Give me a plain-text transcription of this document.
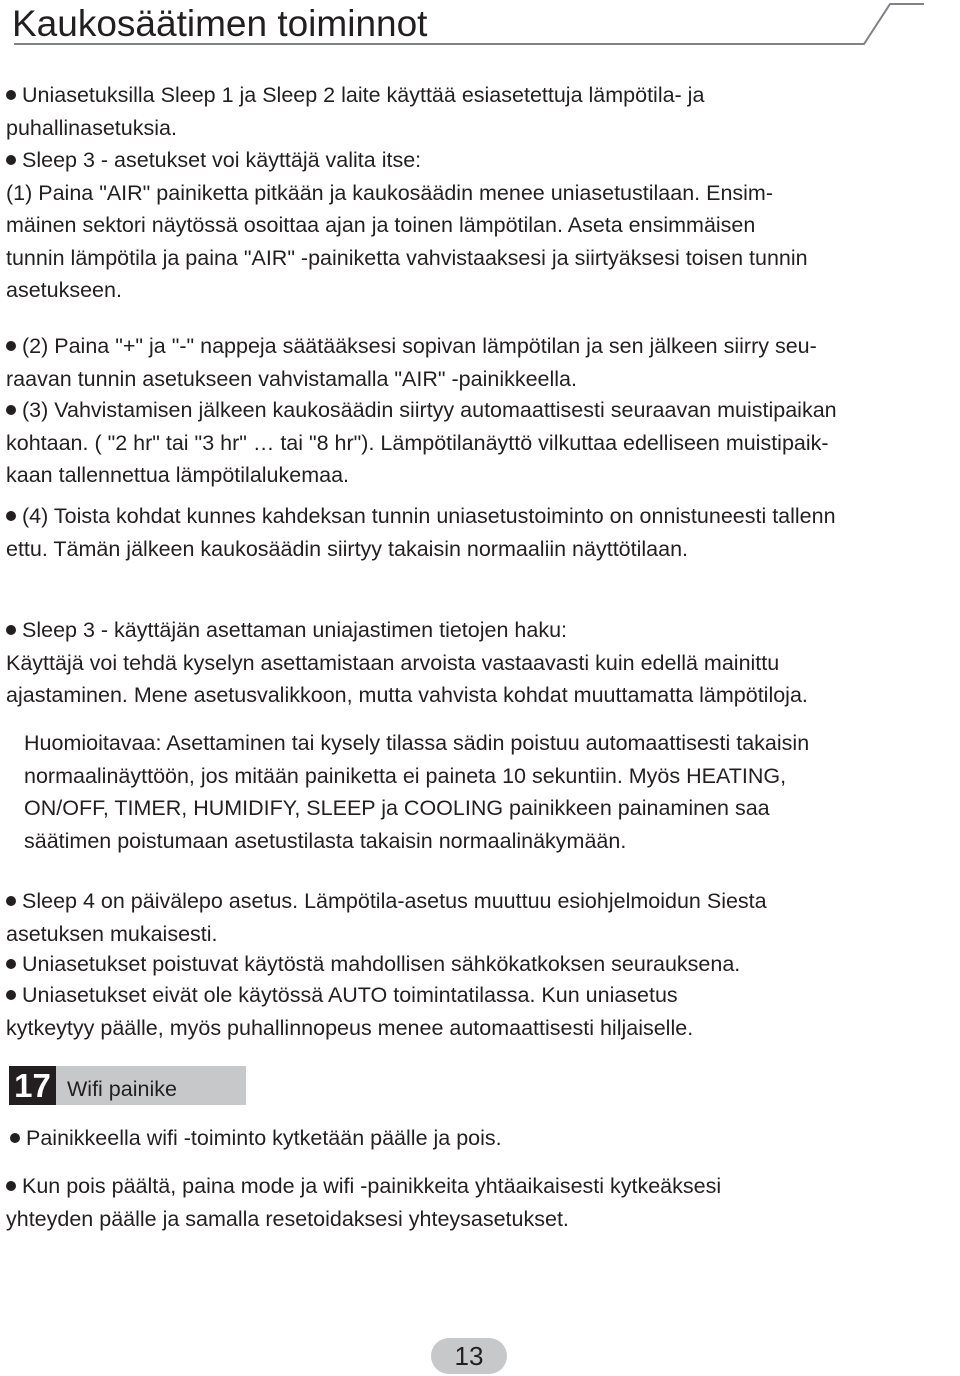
Kaukosäätimen toiminnot
Uniasetuksilla Sleep 1 ja Sleep 2 laite käyttää esiasetettuja lämpötila- ja
puhallinasetuksia.
Sleep 3 - asetukset voi käyttäjä valita itse:
(1) Paina "AIR" painiketta pitkään ja kaukosäädin menee uniasetustilaan. Ensim-
mäinen sektori näytössä osoittaa ajan ja toinen lämpötilan. Aseta ensimmäisen
tunnin lämpötila ja paina "AIR" -painiketta vahvistaaksesi ja siirtyäksesi toisen tunnin
asetukseen.
(2) Paina "+" ja "-" nappeja säätääksesi sopivan lämpötilan ja sen jälkeen siirry seu-
raavan tunnin asetukseen vahvistamalla "AIR" -painikkeella.
(3) Vahvistamisen jälkeen kaukosäädin siirtyy automaattisesti seuraavan muistipaikan
kohtaan. ( "2 hr" tai "3 hr" … tai "8 hr"). Lämpötilanäyttö vilkuttaa edelliseen muistipaik-
kaan tallennettua lämpötilalukemaa.
(4) Toista kohdat kunnes kahdeksan tunnin uniasetustoiminto on onnistuneesti tallenn
ettu. Tämän jälkeen kaukosäädin siirtyy takaisin normaaliin näyttötilaan.
Sleep 3 - käyttäjän asettaman uniajastimen tietojen haku:
Käyttäjä voi tehdä kyselyn asettamistaan arvoista vastaavasti kuin edellä mainittu
ajastaminen. Mene asetusvalikkoon, mutta vahvista kohdat muuttamatta lämpötiloja.
Huomioitavaa: Asettaminen tai kysely tilassa sädin poistuu automaattisesti takaisin
normaalinäyttöön, jos mitään painiketta ei paineta 10 sekuntiin. Myös HEATING,
ON/OFF, TIMER, HUMIDIFY, SLEEP ja COOLING painikkeen painaminen saa
säätimen poistumaan asetustilasta takaisin normaalinäkymään.
Sleep 4 on päivälepo asetus. Lämpötila-asetus muuttuu esiohjelmoidun Siesta
asetuksen mukaisesti.
Uniasetukset poistuvat käytöstä mahdollisen sähkökatkoksen seurauksena.
Uniasetukset eivät ole käytössä AUTO toimintatilassa. Kun uniasetus
kytkeytyy päälle, myös puhallinnopeus menee automaattisesti hiljaiselle.
17 Wifi painike
Painikkeella wifi -toiminto kytketään päälle ja pois.
Kun pois päältä, paina mode ja wifi -painikkeita yhtäaikaisesti kytkeäksesi
yhteyden päälle ja samalla resetoidaksesi yhteysasetukset.
13
